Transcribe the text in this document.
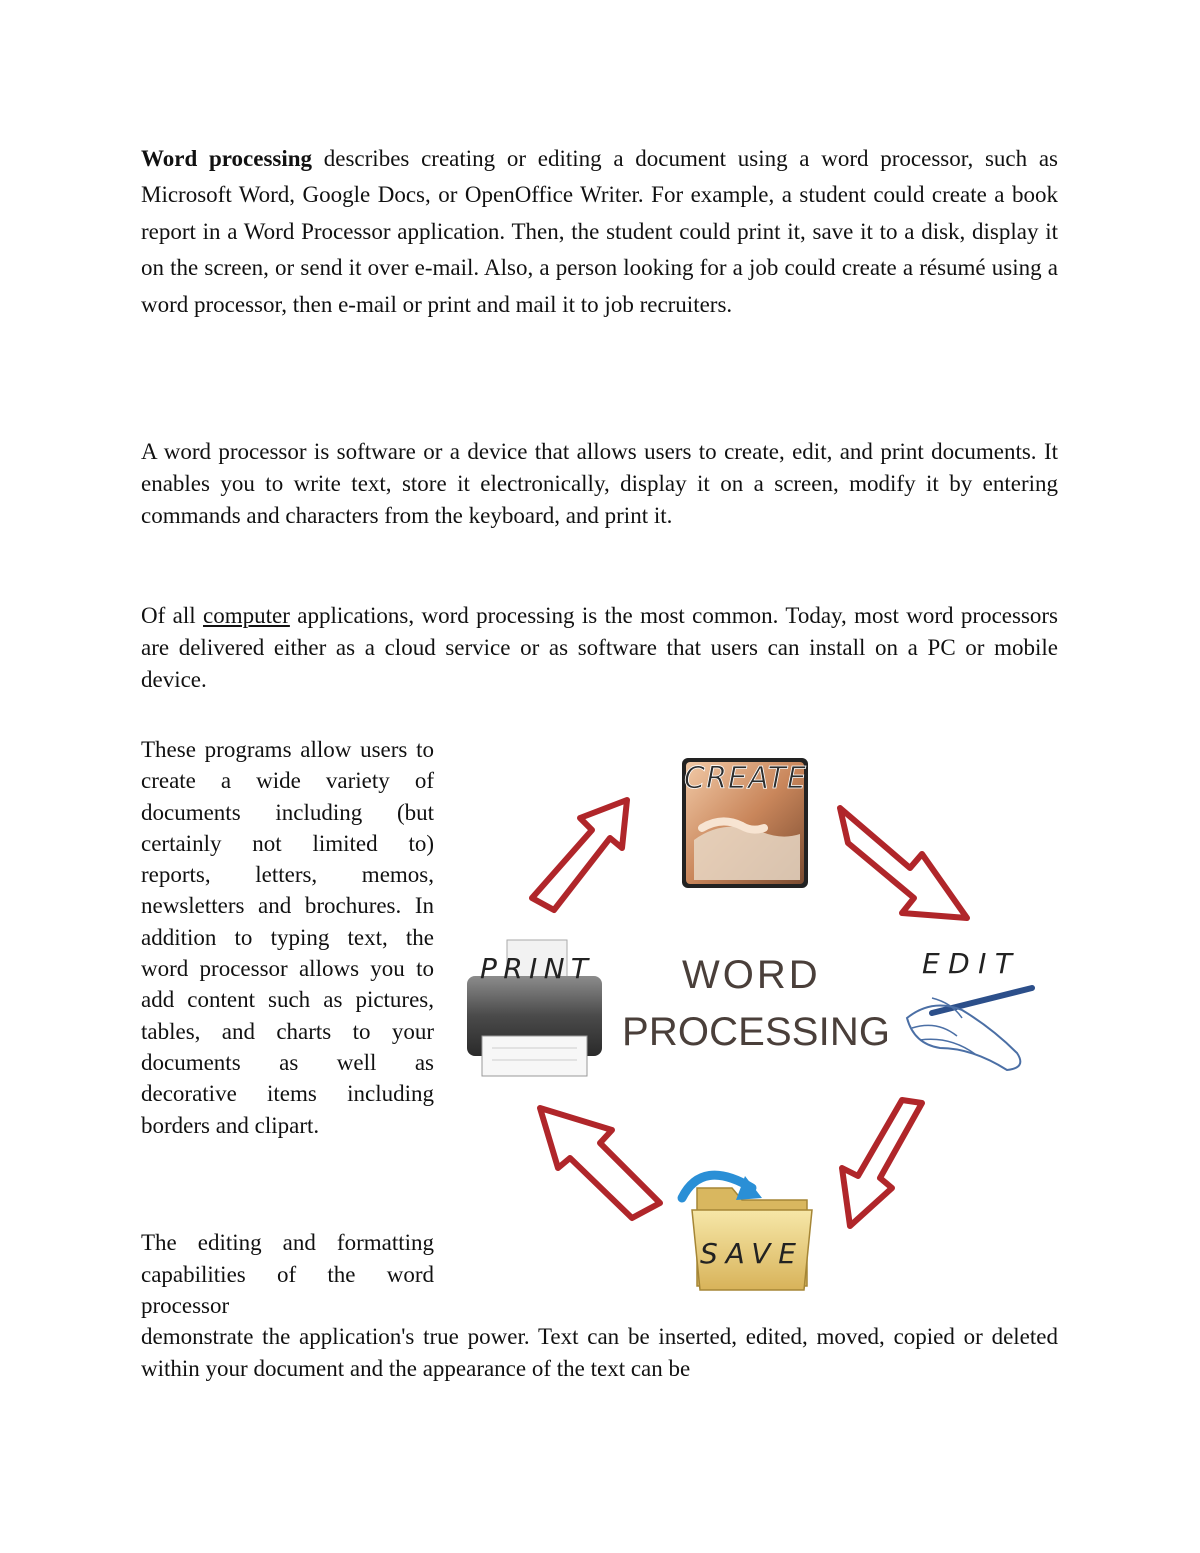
Word processing describes creating or editing a document using a word processor, such as Microsoft Word, Google Docs, or OpenOffice Writer. For example, a student could create a book report in a Word Processor application. Then, the student could print it, save it to a disk, display it on the screen, or send it over e-mail. Also, a person looking for a job could create a résumé using a word processor, then e-mail or print and mail it to job recruiters.

A word processor is software or a device that allows users to create, edit, and print documents. It enables you to write text, store it electronically, display it on a screen, modify it by entering commands and characters from the keyboard, and print it.

Of all computer applications, word processing is the most common. Today, most word processors are delivered either as a cloud service or as software that users can install on a PC or mobile device.

These programs allow users to create a wide variety of documents including (but certainly not limited to) reports, letters, memos, newsletters and brochures. In addition to typing text, the word processor allows you to add content such as pictures, tables, and charts to your documents as well as decorative items including borders and clipart.

The editing and formatting capabilities of the word processor

demonstrate the application's true power. Text can be inserted, edited, moved, copied or deleted within your document and the appearance of the text can be

CREATE
WORD
PROCESSING
PRINT	EDIT
SAVE
